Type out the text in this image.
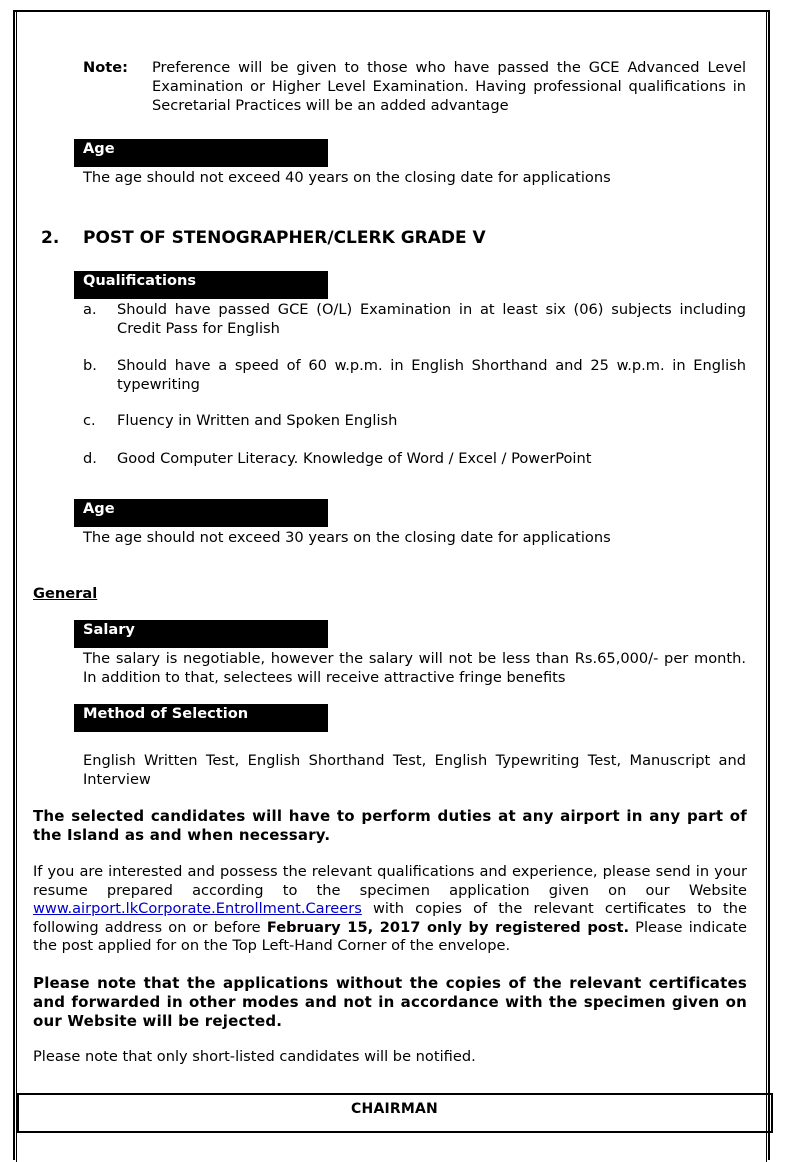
Note: Preference will be given to those who have passed the GCE Advanced Level Examination or Higher Level Examination. Having professional qualifications in Secretarial Practices will be an added advantage
Age
The age should not exceed 40 years on the closing date for applications
2. POST OF STENOGRAPHER/CLERK GRADE V
Qualifications
a. Should have passed GCE (O/L) Examination in at least six (06) subjects including Credit Pass for English
b. Should have a speed of 60 w.p.m. in English Shorthand and 25 w.p.m. in English typewriting
c. Fluency in Written and Spoken English
d. Good Computer Literacy. Knowledge of Word / Excel / PowerPoint
Age
The age should not exceed 30 years on the closing date for applications
General
Salary
The salary is negotiable, however the salary will not be less than Rs.65,000/- per month. In addition to that, selectees will receive attractive fringe benefits
Method of Selection
English Written Test, English Shorthand Test, English Typewriting Test, Manuscript and Interview
The selected candidates will have to perform duties at any airport in any part of the Island as and when necessary.
If you are interested and possess the relevant qualifications and experience, please send in your resume prepared according to the specimen application given on our Website www.airport.lkCorporate.Entrollment.Careers with copies of the relevant certificates to the following address on or before February 15, 2017 only by registered post. Please indicate the post applied for on the Top Left-Hand Corner of the envelope.
Please note that the applications without the copies of the relevant certificates and forwarded in other modes and not in accordance with the specimen given on our Website will be rejected.
Please note that only short-listed candidates will be notified.
CHAIRMAN
